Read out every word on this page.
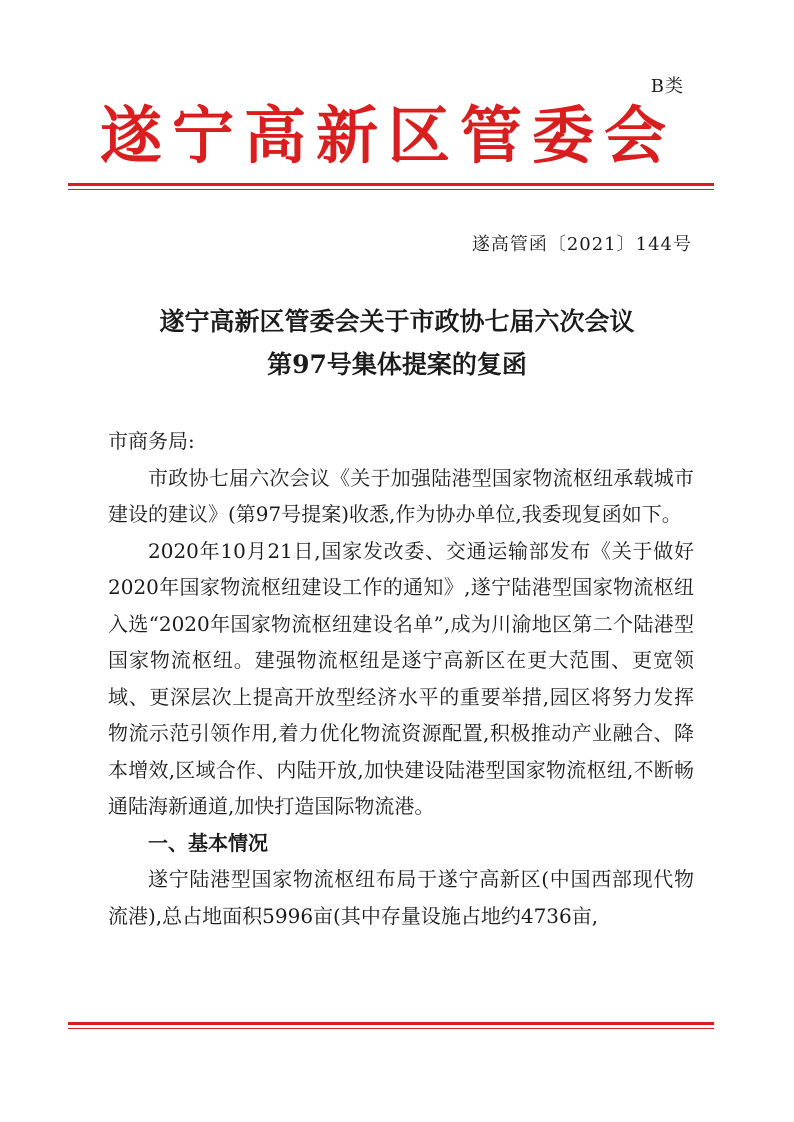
B类
遂宁高新区管委会
遂高管函〔2021〕144号
遂宁高新区管委会关于市政协七届六次会议
第97号集体提案的复函

市商务局:

市政协七届六次会议《关于加强陆港型国家物流枢纽承载城市建设的建议》(第97号提案)收悉,作为协办单位,我委现复函如下。

2020年10月21日,国家发改委、交通运输部发布《关于做好2020年国家物流枢纽建设工作的通知》,遂宁陆港型国家物流枢纽入选“2020年国家物流枢纽建设名单”,成为川渝地区第二个陆港型国家物流枢纽。建强物流枢纽是遂宁高新区在更大范围、更宽领域、更深层次上提高开放型经济水平的重要举措,园区将努力发挥物流示范引领作用,着力优化物流资源配置,积极推动产业融合、降本增效,区域合作、内陆开放,加快建设陆港型国家物流枢纽,不断畅通陆海新通道,加快打造国际物流港。

一、基本情况

遂宁陆港型国家物流枢纽布局于遂宁高新区(中国西部现代物流港),总占地面积5996亩(其中存量设施占地约4736亩,
